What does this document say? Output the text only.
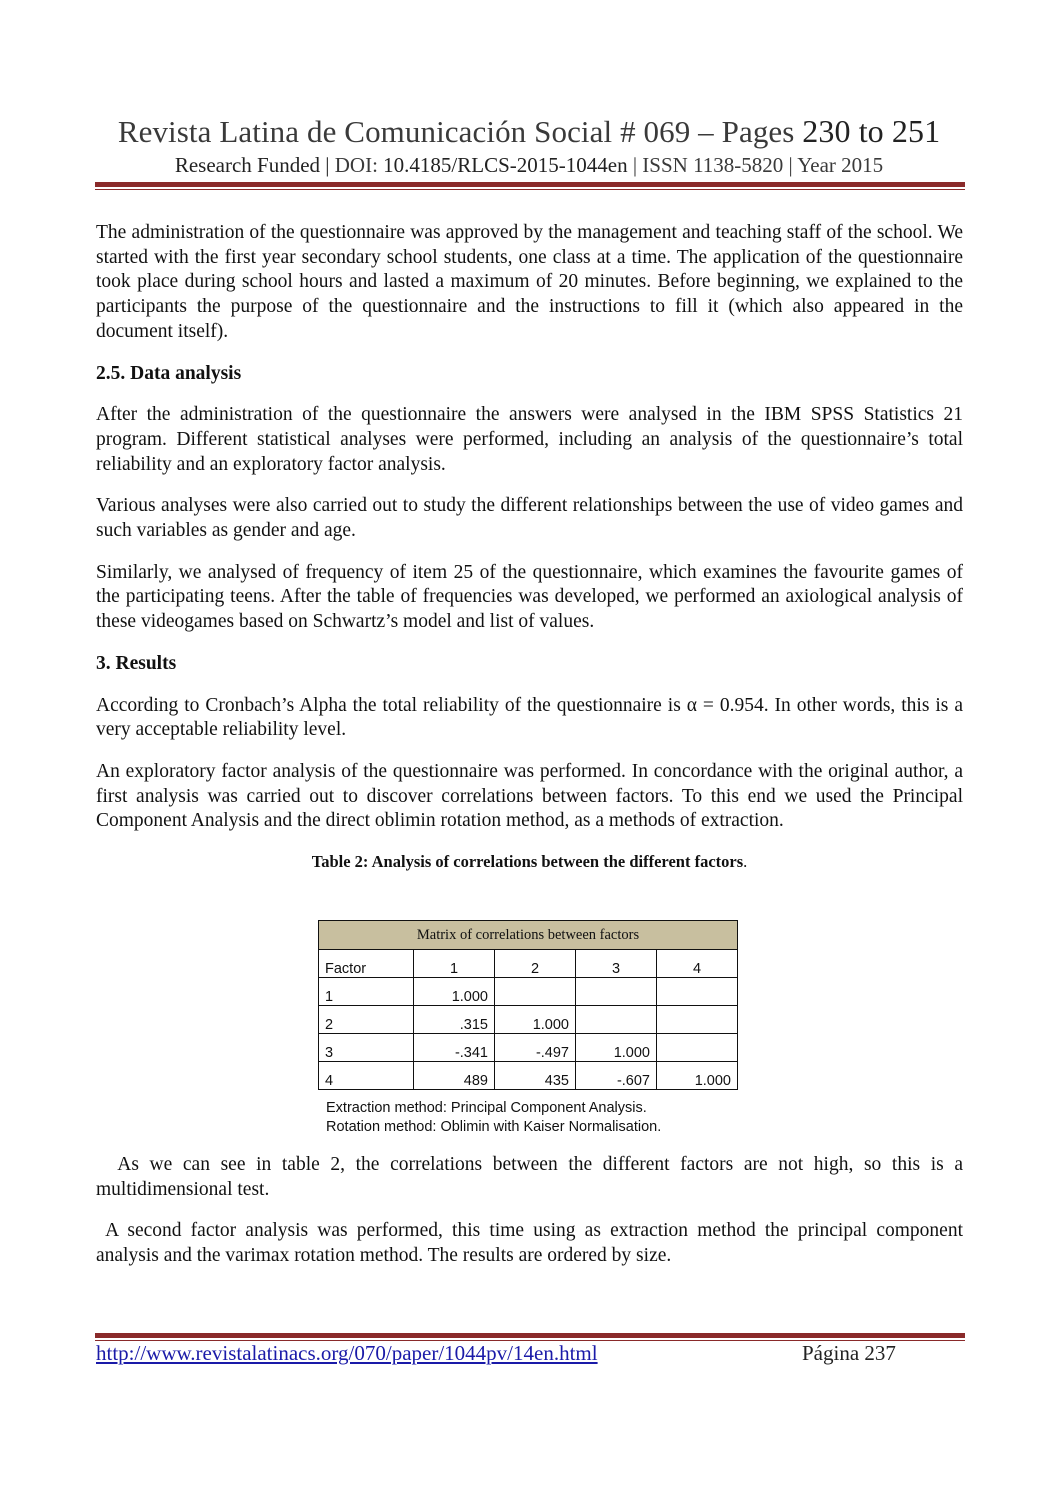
Revista Latina de Comunicación Social # 069 – Pages 230 to 251
Research Funded | DOI: 10.4185/RLCS-2015-1044en | ISSN 1138-5820 | Year 2015

The administration of the questionnaire was approved by the management and teaching staff of the school. We started with the first year secondary school students, one class at a time. The application of the questionnaire took place during school hours and lasted a maximum of 20 minutes. Before beginning, we explained to the participants the purpose of the questionnaire and the instructions to fill it (which also appeared in the document itself).

2.5. Data analysis

After the administration of the questionnaire the answers were analysed in the IBM SPSS Statistics 21 program. Different statistical analyses were performed, including an analysis of the questionnaire’s total reliability and an exploratory factor analysis.

Various analyses were also carried out to study the different relationships between the use of video games and such variables as gender and age.

Similarly, we analysed of frequency of item 25 of the questionnaire, which examines the favourite games of the participating teens. After the table of frequencies was developed, we performed an axiological analysis of these videogames based on Schwartz’s model and list of values.

3. Results

According to Cronbach’s Alpha the total reliability of the questionnaire is α = 0.954. In other words, this is a very acceptable reliability level.

An exploratory factor analysis of the questionnaire was performed. In concordance with the original author, a first analysis was carried out to discover correlations between factors. To this end we used the Principal Component Analysis and the direct oblimin rotation method, as a methods of extraction.

Table 2: Analysis of correlations between the different factors.
Matrix of correlations between factors				
Factor	1	2	3	4
1	1.000			
2	.315	1.000		
3	-.341	-.497	1.000	
4	489	435	-.607	1.000
Extraction method: Principal Component Analysis.
Rotation method: Oblimin with Kaiser Normalisation.

As we can see in table 2, the correlations between the different factors are not high, so this is a multidimensional test.

A second factor analysis was performed, this time using as extraction method the principal component analysis and the varimax rotation method. The results are ordered by size.

http://www.revistalatinacs.org/070/paper/1044pv/14en.html	Página 237
